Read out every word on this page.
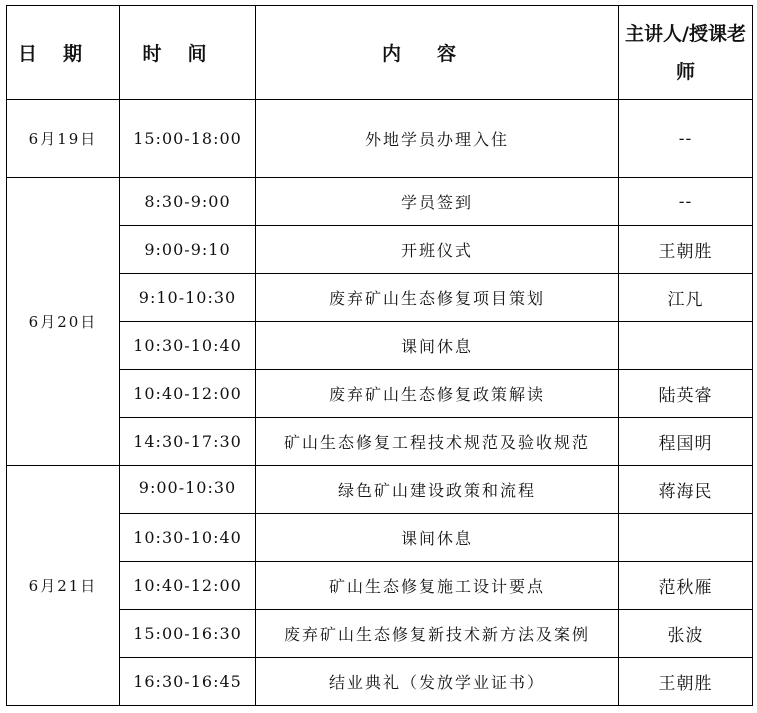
日期	时间	内容	主讲人/授课老师
6月19日	15:00-18:00	外地学员办理入住	--
6月20日	8:30-9:00	学员签到	--
	9:00-9:10	开班仪式	王朝胜
	9:10-10:30	废弃矿山生态修复项目策划	江凡
	10:30-10:40	课间休息	
	10:40-12:00	废弃矿山生态修复政策解读	陆英睿
	14:30-17:30	矿山生态修复工程技术规范及验收规范	程国明
6月21日	9:00-10:30	绿色矿山建设政策和流程	蒋海民
	10:30-10:40	课间休息	
	10:40-12:00	矿山生态修复施工设计要点	范秋雁
	15:00-16:30	废弃矿山生态修复新技术新方法及案例	张波
	16:30-16:45	结业典礼（发放学业证书）	王朝胜
